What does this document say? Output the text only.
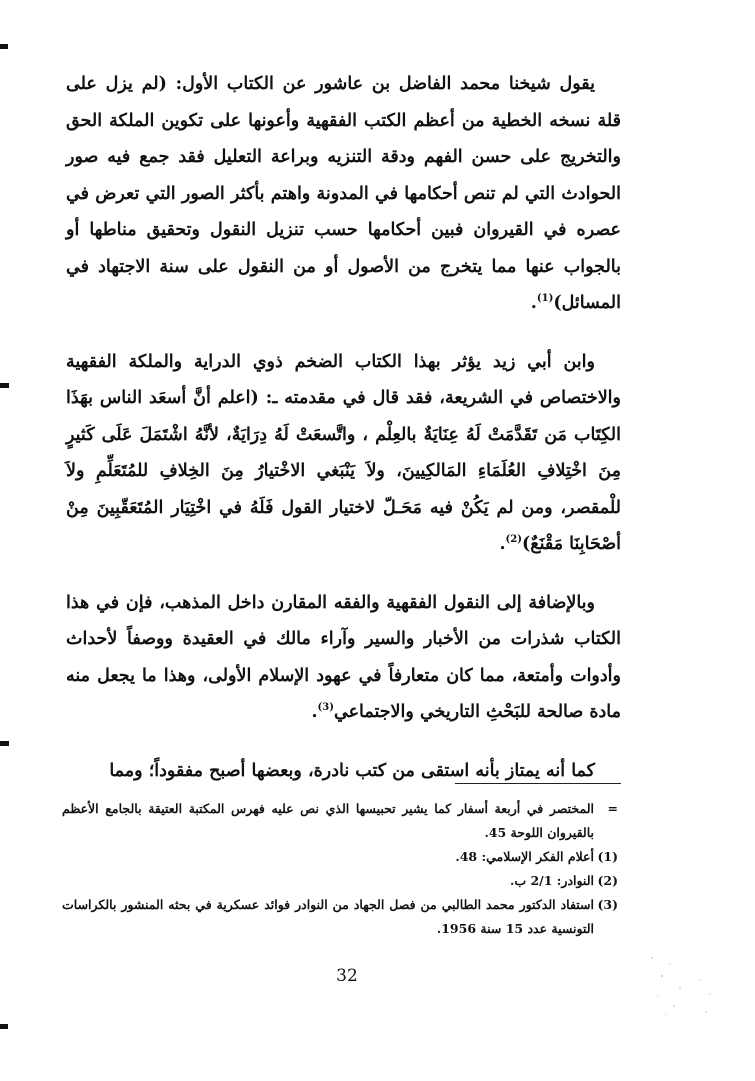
يقول شيخنا محمد الفاضل بن عاشور عن الكتاب الأول: (لم يزل على قلة نسخه الخطية من أعظم الكتب الفقهية وأعونها على تكوين الملكة الحق والتخريج على حسن الفهم ودقة التنزيه وبراعة التعليل فقد جمع فيه صور الحوادث التي لم تنص أحكامها في المدونة واهتم بأكثر الصور التي تعرض في عصره في القيروان فبين أحكامها حسب تنزيل النقول وتحقيق مناطها أو بالجواب عنها مما يتخرج من الأصول أو من النقول على سنة الاجتهاد في المسائل)$^{(1)}$.

وابن أبي زيد يؤثر بهذا الكتاب الضخم ذوي الدراية والملكة الفقهية والاختصاص في الشريعة، فقد قال في مقدمته ـ: (اعلم أنَّ أسعَد الناس بهَذَا الكِتَاب مَن تَقَدَّمَتْ لَهُ عِنَايَةٌ بالعِلْم ، واتَّسعَتْ لَهُ دِرَايَةٌ، لأنَّهُ اشْتَمَلَ عَلَى كَثيرٍ مِنَ اخْتِلافِ العُلَمَاءِ المَالكِيينَ، ولاَ يَنْبَغي الاخْتيارُ مِنَ الخِلافِ للمُتَعَلِّمِ ولاَ للْمقصر، ومن لم يَكُنْ فيه مَحَـلّ لاختيار القول فَلَهُ في اخْتِيَار المُتَعَقّبِينَ مِنْ أصْحَابِنَا مَقْنَعٌ)$^{(2)}$.

وبالإضافة إلى النقول الفقهية والفقه المقارن داخل المذهب، فإن في هذا الكتاب شذرات من الأخبار والسير وآراء مالك في العقيدة ووصفاً لأحداث وأدوات وأمتعة، مما كان متعارفاً في عهود الإسلام الأولى، وهذا ما يجعل منه مادة صالحة للبَحْثِ التاريخي والاجتماعي$^{(3)}$.

كما أنه يمتاز بأنه استقى من كتب نادرة، وبعضها أصبح مفقوداً؛ ومما

=
المختصر في أربعة أسفار كما يشير تحبيسها الذي نص عليه فهرس المكتبة العتيقة بالجامع الأعظم بالقيروان اللوحة 45.

(1)
أعلام الفكر الإسلامي: 48.

(2)
النوادر: 2/1 ب.

(3)
استفاد الدكتور محمد الطالبي من فصل الجهاد من النوادر فوائد عسكرية في بحثه المنشور بالكراسات التونسية عدد 15 سنة 1956.

32
